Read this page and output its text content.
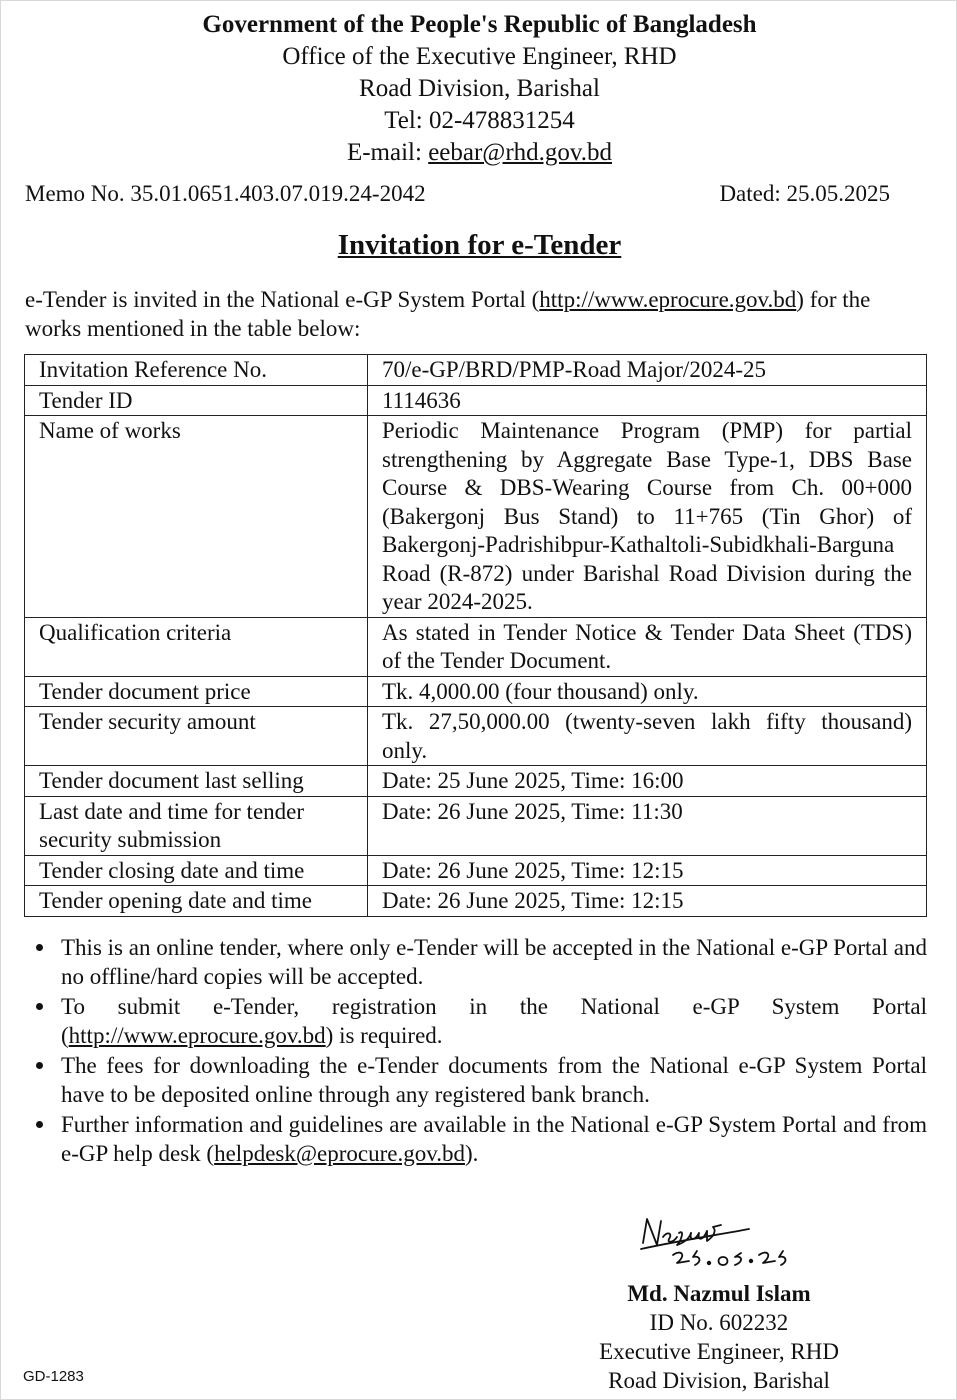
Government of the People's Republic of Bangladesh
Office of the Executive Engineer, RHD
Road Division, Barishal
Tel: 02-478831254
E-mail: eebar@rhd.gov.bd
Memo No. 35.01.0651.403.07.019.24-2042	Dated: 25.05.2025
Invitation for e-Tender
e-Tender is invited in the National e-GP System Portal (http://www.eprocure.gov.bd) for the works mentioned in the table below:
Invitation Reference No.	70/e-GP/BRD/PMP-Road Major/2024-25
Tender ID	1114636
Name of works	Periodic Maintenance Program (PMP) for partial strengthening by Aggregate Base Type-1, DBS Base Course & DBS-Wearing Course from Ch. 00+000 (Bakergonj Bus Stand) to 11+765 (Tin Ghor) of Bakergonj-Padrishibpur-Kathaltoli-Subidkhali-Barguna Road (R-872) under Barishal Road Division during the year 2024-2025.
Qualification criteria	As stated in Tender Notice & Tender Data Sheet (TDS) of the Tender Document.
Tender document price	Tk. 4,000.00 (four thousand) only.
Tender security amount	Tk. 27,50,000.00 (twenty-seven lakh fifty thousand) only.
Tender document last selling	Date: 25 June 2025, Time: 16:00
Last date and time for tender security submission	Date: 26 June 2025, Time: 11:30
Tender closing date and time	Date: 26 June 2025, Time: 12:15
Tender opening date and time	Date: 26 June 2025, Time: 12:15
This is an online tender, where only e-Tender will be accepted in the National e-GP Portal and no offline/hard copies will be accepted.
To submit e-Tender, registration in the National e-GP System Portal (http://www.eprocure.gov.bd) is required.
The fees for downloading the e-Tender documents from the National e-GP System Portal have to be deposited online through any registered bank branch.
Further information and guidelines are available in the National e-GP System Portal and from e-GP help desk (helpdesk@eprocure.gov.bd).
Md. Nazmul Islam
ID No. 602232
Executive Engineer, RHD
Road Division, Barishal
GD-1283
